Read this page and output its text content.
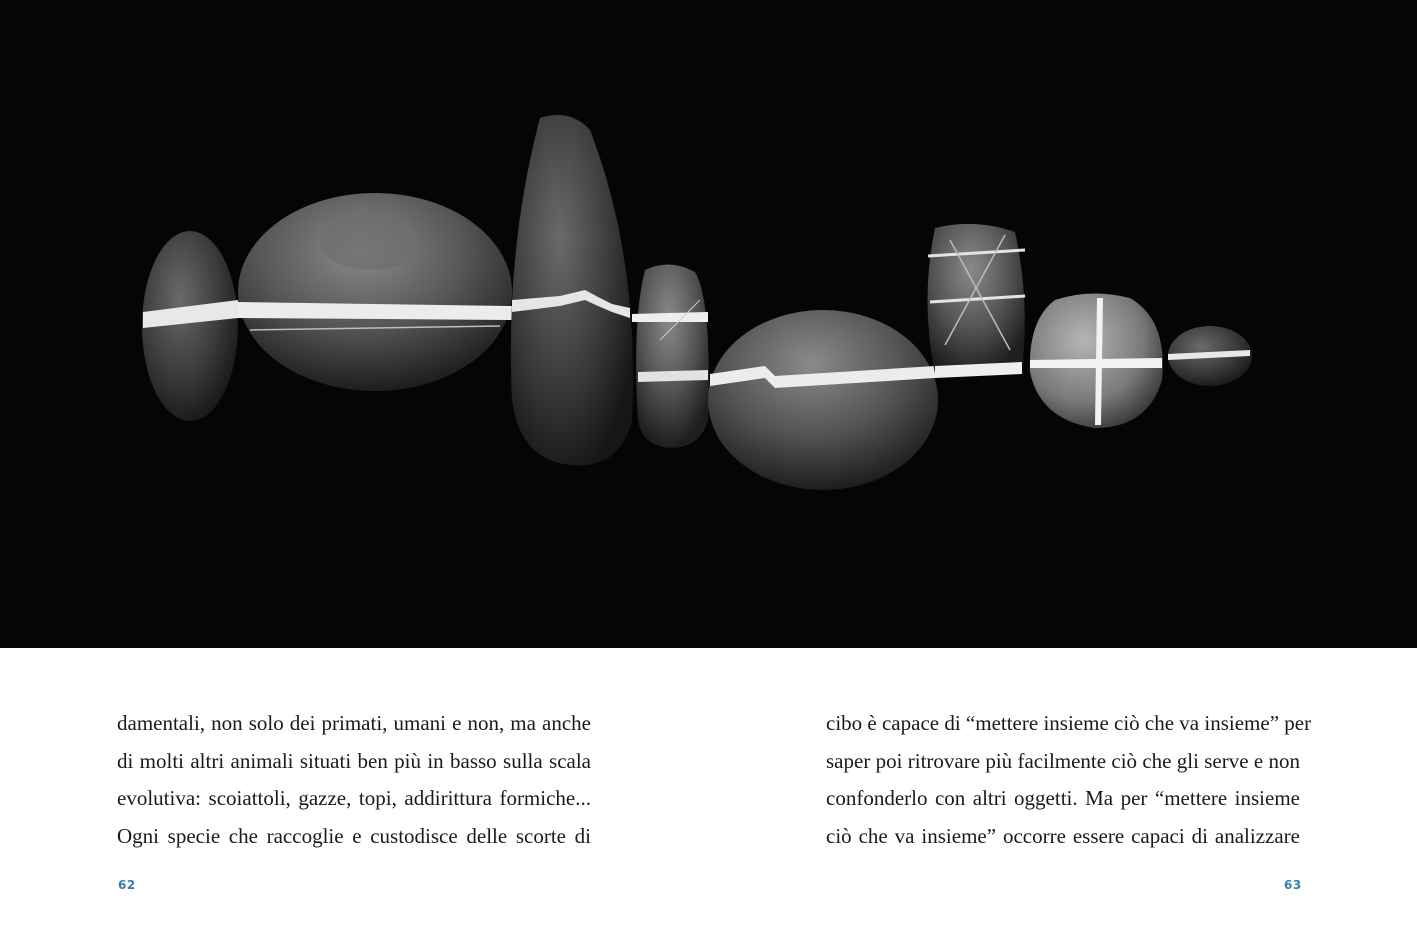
damentali, non solo dei primati, umani e non, ma anche
di molti altri animali situati ben più in basso sulla scala
evolutiva: scoiattoli, gazze, topi, addirittura formiche...
Ogni specie che raccoglie e custodisce delle scorte di
cibo è capace di “mettere insieme ciò che va insieme” per
saper poi ritrovare più facilmente ciò che gli serve e non
confonderlo con altri oggetti. Ma per “mettere insieme
ciò che va insieme” occorre essere capaci di analizzare
62	63
